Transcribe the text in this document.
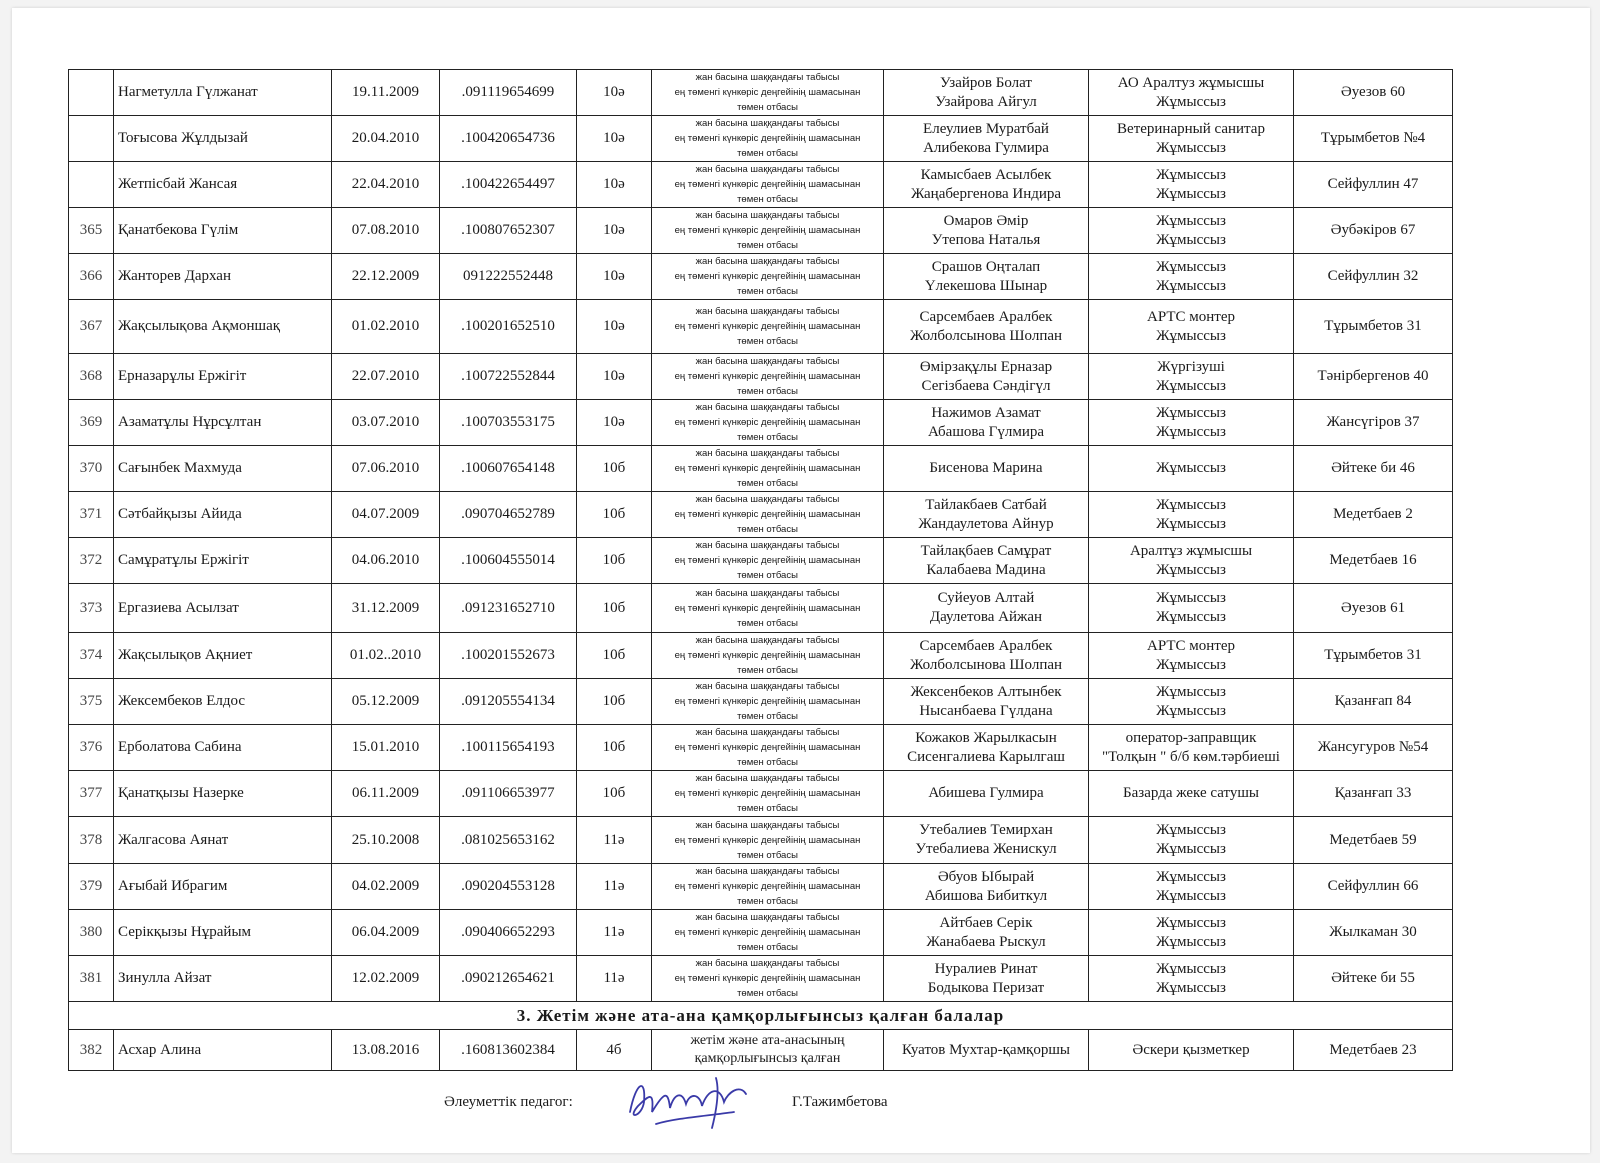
	Нагметулла Гүлжанат	19.11.2009	.091119654699	10ә	жан басына шаққандағы табысы
ең төменгі күнкөріс деңгейінің шамасынан
төмен отбасы	Узайров Болат
Узайрова Айгул	АО Аралтуз жұмысшы
Жұмыссыз	Әуезов 60
	Тоғысова Жұлдызай	20.04.2010	.100420654736	10ә	жан басына шаққандағы табысы
ең төменгі күнкөріс деңгейінің шамасынан
төмен отбасы	Елеулиев Муратбай
Алибекова Гулмира	Ветеринарный санитар
Жұмыссыз	Тұрымбетов №4
	Жетпісбай Жансая	22.04.2010	.100422654497	10ә	жан басына шаққандағы табысы
ең төменгі күнкөріс деңгейінің шамасынан
төмен отбасы	Камысбаев Асылбек
Жаңабергенова Индира	Жұмыссыз
Жұмыссыз	Сейфуллин 47
365	Қанатбекова Гүлім	07.08.2010	.100807652307	10ә	жан басына шаққандағы табысы
ең төменгі күнкөріс деңгейінің шамасынан
төмен отбасы	Омаров Әмір
Утепова Наталья	Жұмыссыз
Жұмыссыз	Әубәкіров 67
366	Жанторев Дархан	22.12.2009	091222552448	10ә	жан басына шаққандағы табысы
ең төменгі күнкөріс деңгейінің шамасынан
төмен отбасы	Срашов Оңталап
Үлекешова Шынар	Жұмыссыз
Жұмыссыз	Сейфуллин 32
367	Жақсылықова Ақмоншақ	01.02.2010	.100201652510	10ә	жан басына шаққандағы табысы
ең төменгі күнкөріс деңгейінің шамасынан
төмен отбасы	Сарсембаев Аралбек
Жолболсынова Шолпан	АРТС монтер
Жұмыссыз	Тұрымбетов 31
368	Ерназарұлы Ержігіт	22.07.2010	.100722552844	10ә	жан басына шаққандағы табысы
ең төменгі күнкөріс деңгейінің шамасынан
төмен отбасы	Өмірзақұлы Ерназар
Сегізбаева Сәндігүл	Жүргізуші
Жұмыссыз	Тәнірбергенов 40
369	Азаматұлы Нұрсұлтан	03.07.2010	.100703553175	10ә	жан басына шаққандағы табысы
ең төменгі күнкөріс деңгейінің шамасынан
төмен отбасы	Нажимов Азамат
Абашова Гүлмира	Жұмыссыз
Жұмыссыз	Жансүгіров 37
370	Сағынбек Махмуда	07.06.2010	.100607654148	10б	жан басына шаққандағы табысы
ең төменгі күнкөріс деңгейінің шамасынан
төмен отбасы	Бисенова Марина	Жұмыссыз	Әйтеке би 46
371	Сәтбайқызы Айида	04.07.2009	.090704652789	10б	жан басына шаққандағы табысы
ең төменгі күнкөріс деңгейінің шамасынан
төмен отбасы	Тайлакбаев Сатбай
Жандаулетова Айнур	Жұмыссыз
Жұмыссыз	Медетбаев 2
372	Самұратұлы Ержігіт	04.06.2010	.100604555014	10б	жан басына шаққандағы табысы
ең төменгі күнкөріс деңгейінің шамасынан
төмен отбасы	Тайлақбаев Самұрат
Калабаева Мадина	Аралтұз жұмысшы
Жұмыссыз	Медетбаев 16
373	Ергазиева Асылзат	31.12.2009	.091231652710	10б	жан басына шаққандағы табысы
ең төменгі күнкөріс деңгейінің шамасынан
төмен отбасы	Суйеуов Алтай
Даулетова Айжан	Жұмыссыз
Жұмыссыз	Әуезов 61
374	Жақсылықов Ақниет	01.02..2010	.100201552673	10б	жан басына шаққандағы табысы
ең төменгі күнкөріс деңгейінің шамасынан
төмен отбасы	Сарсембаев Аралбек
Жолболсынова Шолпан	АРТС монтер
Жұмыссыз	Тұрымбетов 31
375	Жексембеков Елдос	05.12.2009	.091205554134	10б	жан басына шаққандағы табысы
ең төменгі күнкөріс деңгейінің шамасынан
төмен отбасы	Жексенбеков Алтынбек
Нысанбаева Гүлдана	Жұмыссыз
Жұмыссыз	Қазанғап 84
376	Ерболатова Сабина	15.01.2010	.100115654193	10б	жан басына шаққандағы табысы
ең төменгі күнкөріс деңгейінің шамасынан
төмен отбасы	Кожаков Жарылкасын
Сисенгалиева Карылгаш	оператор-заправщик
"Толқын " б/б көм.тәрбиеші	Жансугуров №54
377	Қанатқызы Назерке	06.11.2009	.091106653977	10б	жан басына шаққандағы табысы
ең төменгі күнкөріс деңгейінің шамасынан
төмен отбасы	Абишева Гулмира	Базарда жеке сатушы	Қазанғап 33
378	Жалгасова Аянат	25.10.2008	.081025653162	11ә	жан басына шаққандағы табысы
ең төменгі күнкөріс деңгейінің шамасынан
төмен отбасы	Утебалиев Темирхан
Утебалиева Женискул	Жұмыссыз
Жұмыссыз	Медетбаев 59
379	Ағыбай Ибрагим	04.02.2009	.090204553128	11ә	жан басына шаққандағы табысы
ең төменгі күнкөріс деңгейінің шамасынан
төмен отбасы	Әбуов Ыбырай
Абишова Бибиткул	Жұмыссыз
Жұмыссыз	Сейфуллин 66
380	Серікқызы Нұрайым	06.04.2009	.090406652293	11ә	жан басына шаққандағы табысы
ең төменгі күнкөріс деңгейінің шамасынан
төмен отбасы	Айтбаев Серік
Жанабаева Рыскул	Жұмыссыз
Жұмыссыз	Жылкаман 30
381	Зинулла Айзат	12.02.2009	.090212654621	11ә	жан басына шаққандағы табысы
ең төменгі күнкөріс деңгейінің шамасынан
төмен отбасы	Нуралиев Ринат
Бодыкова Перизат	Жұмыссыз
Жұмыссыз	Әйтеке би 55
3. Жетім және ата-ана қамқорлығынсыз қалған балалар								
382	Асхар Алина	13.08.2016	.160813602384	4б	жетім және ата-анасының
қамқорлығынсыз қалған	Куатов Мухтар-қамқоршы	Әскери қызметкер	Медетбаев 23
Әлеуметтік педагог:	Г.Тажимбетова
